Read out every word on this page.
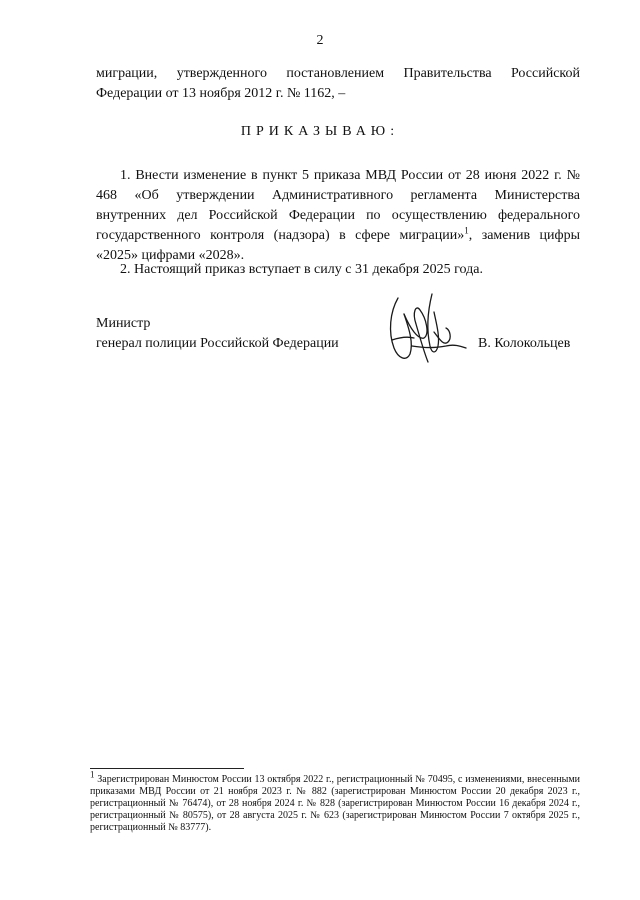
2
миграции, утвержденного постановлением Правительства Российской
Федерации от 13 ноября 2012 г. № 1162, –
ПРИКАЗЫВАЮ:
1. Внести изменение в пункт 5 приказа МВД России от 28 июня 2022 г. № 468 «Об утверждении Административного регламента Министерства внутренних дел Российской Федерации по осуществлению федерального государственного контроля (надзора) в сфере миграции»$^1$, заменив цифры «2025» цифрами «2028».
2. Настоящий приказ вступает в силу с 31 декабря 2025 года.
Министр
генерал полиции Российской Федерации	В. Колокольцев
$^1$ Зарегистрирован Минюстом России 13 октября 2022 г., регистрационный № 70495, с изменениями, внесенными приказами МВД России от 21 ноября 2023 г. № 882 (зарегистрирован Минюстом России 20 декабря 2023 г., регистрационный № 76474), от 28 ноября 2024 г. № 828 (зарегистрирован Минюстом России 16 декабря 2024 г., регистрационный № 80575), от 28 августа 2025 г. № 623 (зарегистрирован Минюстом России 7 октября 2025 г., регистрационный № 83777).
